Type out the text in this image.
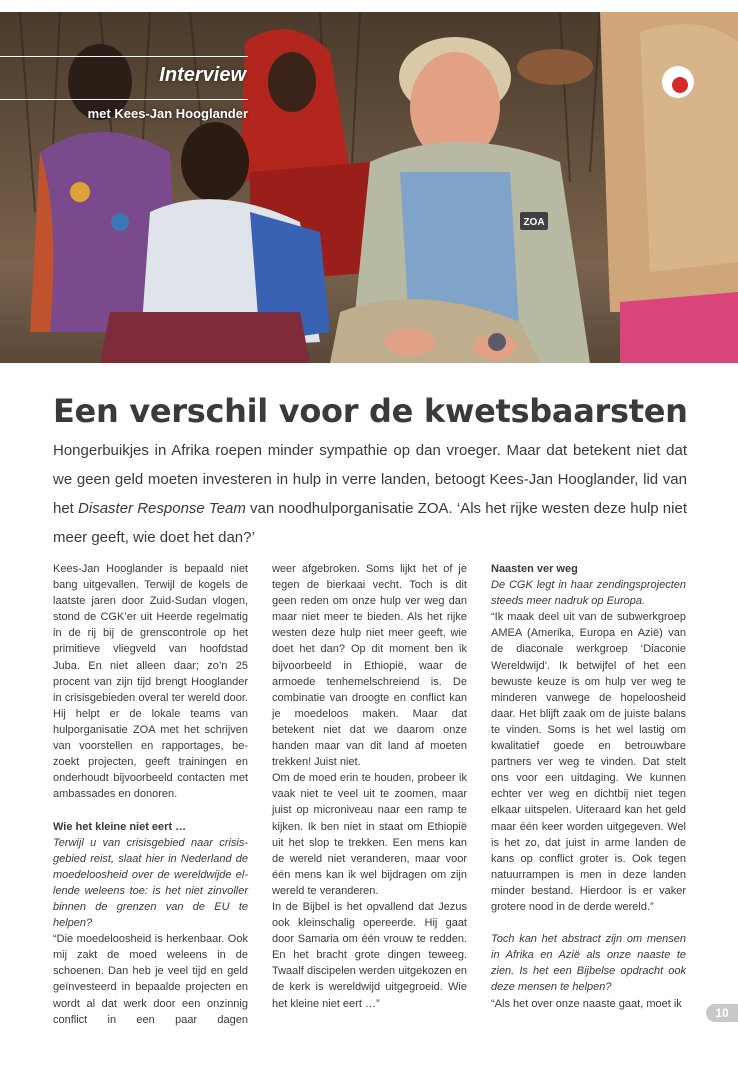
ZOA
Interview
met Kees-Jan Hooglander
Een verschil voor de kwetsbaarsten

Hongerbuikjes in Afrika roepen minder sympathie op dan vroeger. Maar dat betekent niet dat we geen geld moeten investeren in hulp in verre landen, betoogt Kees-Jan Hooglander, lid van het Disaster Response Team van noodhulporganisatie ZOA. ‘Als het rijke westen deze hulp niet meer geeft, wie doet het dan?’

Kees-Jan Hooglander is bepaald niet bang uitgevallen. Terwijl de kogels de laatste jaren door Zuid-Sudan vlogen, stond de CGK’er uit Heerde regelmatig in de rij bij de grenscontrole op het primitieve vliegveld van hoofdstad Juba. En niet alleen daar; zo’n 25 procent van zijn tijd brengt Hooglander in crisisgebieden overal ter wereld door. Hij helpt er de lokale teams van hulporganisatie ZOA met het schrijven van voorstellen en rapportages, be-zoekt projecten, geeft trainingen en onderhoudt bijvoorbeeld contacten met ambassades en donoren.

Wie het kleine niet eert …

Terwijl u van crisisgebied naar crisis-gebied reist, slaat hier in Nederland de moedeloosheid over de wereldwijde el-lende weleens toe: is het niet zinvoller binnen de grenzen van de EU te helpen?

“Die moedeloosheid is herkenbaar. Ook mij zakt de moed weleens in de schoenen. Dan heb je veel tijd en geld geïnvesteerd in bepaalde projecten en wordt al dat werk door een onzinnig conflict in een paar dagen

weer afgebroken. Soms lijkt het of je tegen de bierkaai vecht. Toch is dit geen reden om onze hulp ver weg dan maar niet meer te bieden. Als het rijke westen deze hulp niet meer geeft, wie doet het dan? Op dit moment ben ik bijvoorbeeld in Ethiopië, waar de armoede tenhemelschreiend is. De combinatie van droogte en conflict kan je moedeloos maken. Maar dat betekent niet dat we daarom onze handen maar van dit land af moeten trekken! Juist niet.

Om de moed erin te houden, probeer ik vaak niet te veel uit te zoomen, maar juist op microniveau naar een ramp te kijken. Ik ben niet in staat om Ethiopië uit het slop te trekken. Een mens kan de wereld niet veranderen, maar voor één mens kan ik wel bijdragen om zijn wereld te veranderen.

In de Bijbel is het opvallend dat Jezus ook kleinschalig opereerde. Hij gaat door Samaria om één vrouw te redden. En het bracht grote dingen teweeg. Twaalf discipelen werden uitgekozen en de kerk is wereldwijd uitgegroeid. Wie het kleine niet eert …”

Naasten ver weg

De CGK legt in haar zendingsprojecten steeds meer nadruk op Europa.

“Ik maak deel uit van de subwerkgroep AMEA (Amerika, Europa en Azië) van de diaconale werkgroep ‘Diaconie Wereldwijd’. Ik betwijfel of het een bewuste keuze is om hulp ver weg te minderen vanwege de hopeloosheid daar. Het blijft zaak om de juiste balans te vinden. Soms is het wel lastig om kwalitatief goede en betrouwbare partners ver weg te vinden. Dat stelt ons voor een uitdaging. We kunnen echter ver weg en dichtbij niet tegen elkaar uitspelen. Uiteraard kan het geld maar één keer worden uitgegeven. Wel is het zo, dat juist in arme landen de kans op conflict groter is. Ook tegen natuurrampen is men in deze landen minder bestand. Hierdoor is er vaker grotere nood in de derde wereld.”

Toch kan het abstract zijn om mensen in Afrika en Azië als onze naaste te zien. Is het een Bijbelse opdracht ook deze mensen te helpen?

“Als het over onze naaste gaat, moet ik

10
